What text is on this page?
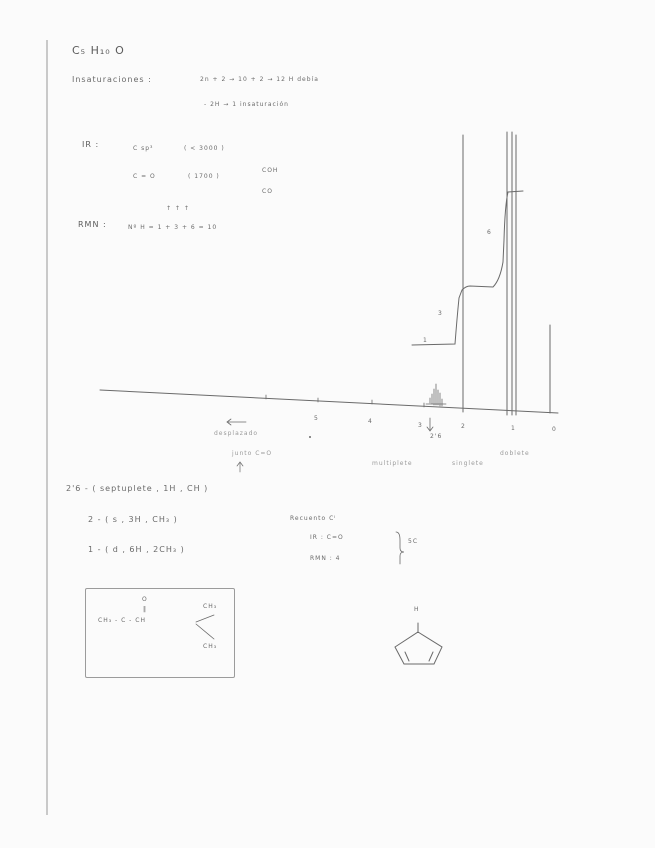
C₅ H₁₀ O
Insaturaciones :	2n + 2 → 10 + 2 → 12 H debía
- 2H → 1 insaturación
IR :	C sp³	( < 3000 )
C = O	( 1700 )
COH
CO
↑ ↑ ↑
RMN :	Nº H = 1 + 3 + 6 = 10
1
3
6
5	4
3	2	1	0
2'6
desplazado
junto C=O
multiplete	singlete
doblete
2'6 - ( septuplete , 1H , CH )
2 - ( s , 3H , CH₃ )
1 - ( d , 6H , 2CH₃ )
Recuento Cᴵ
IR : C=O
RMN : 4
5C
O
‖
CH₃ - C - CH
CH₃
CH₃
H
